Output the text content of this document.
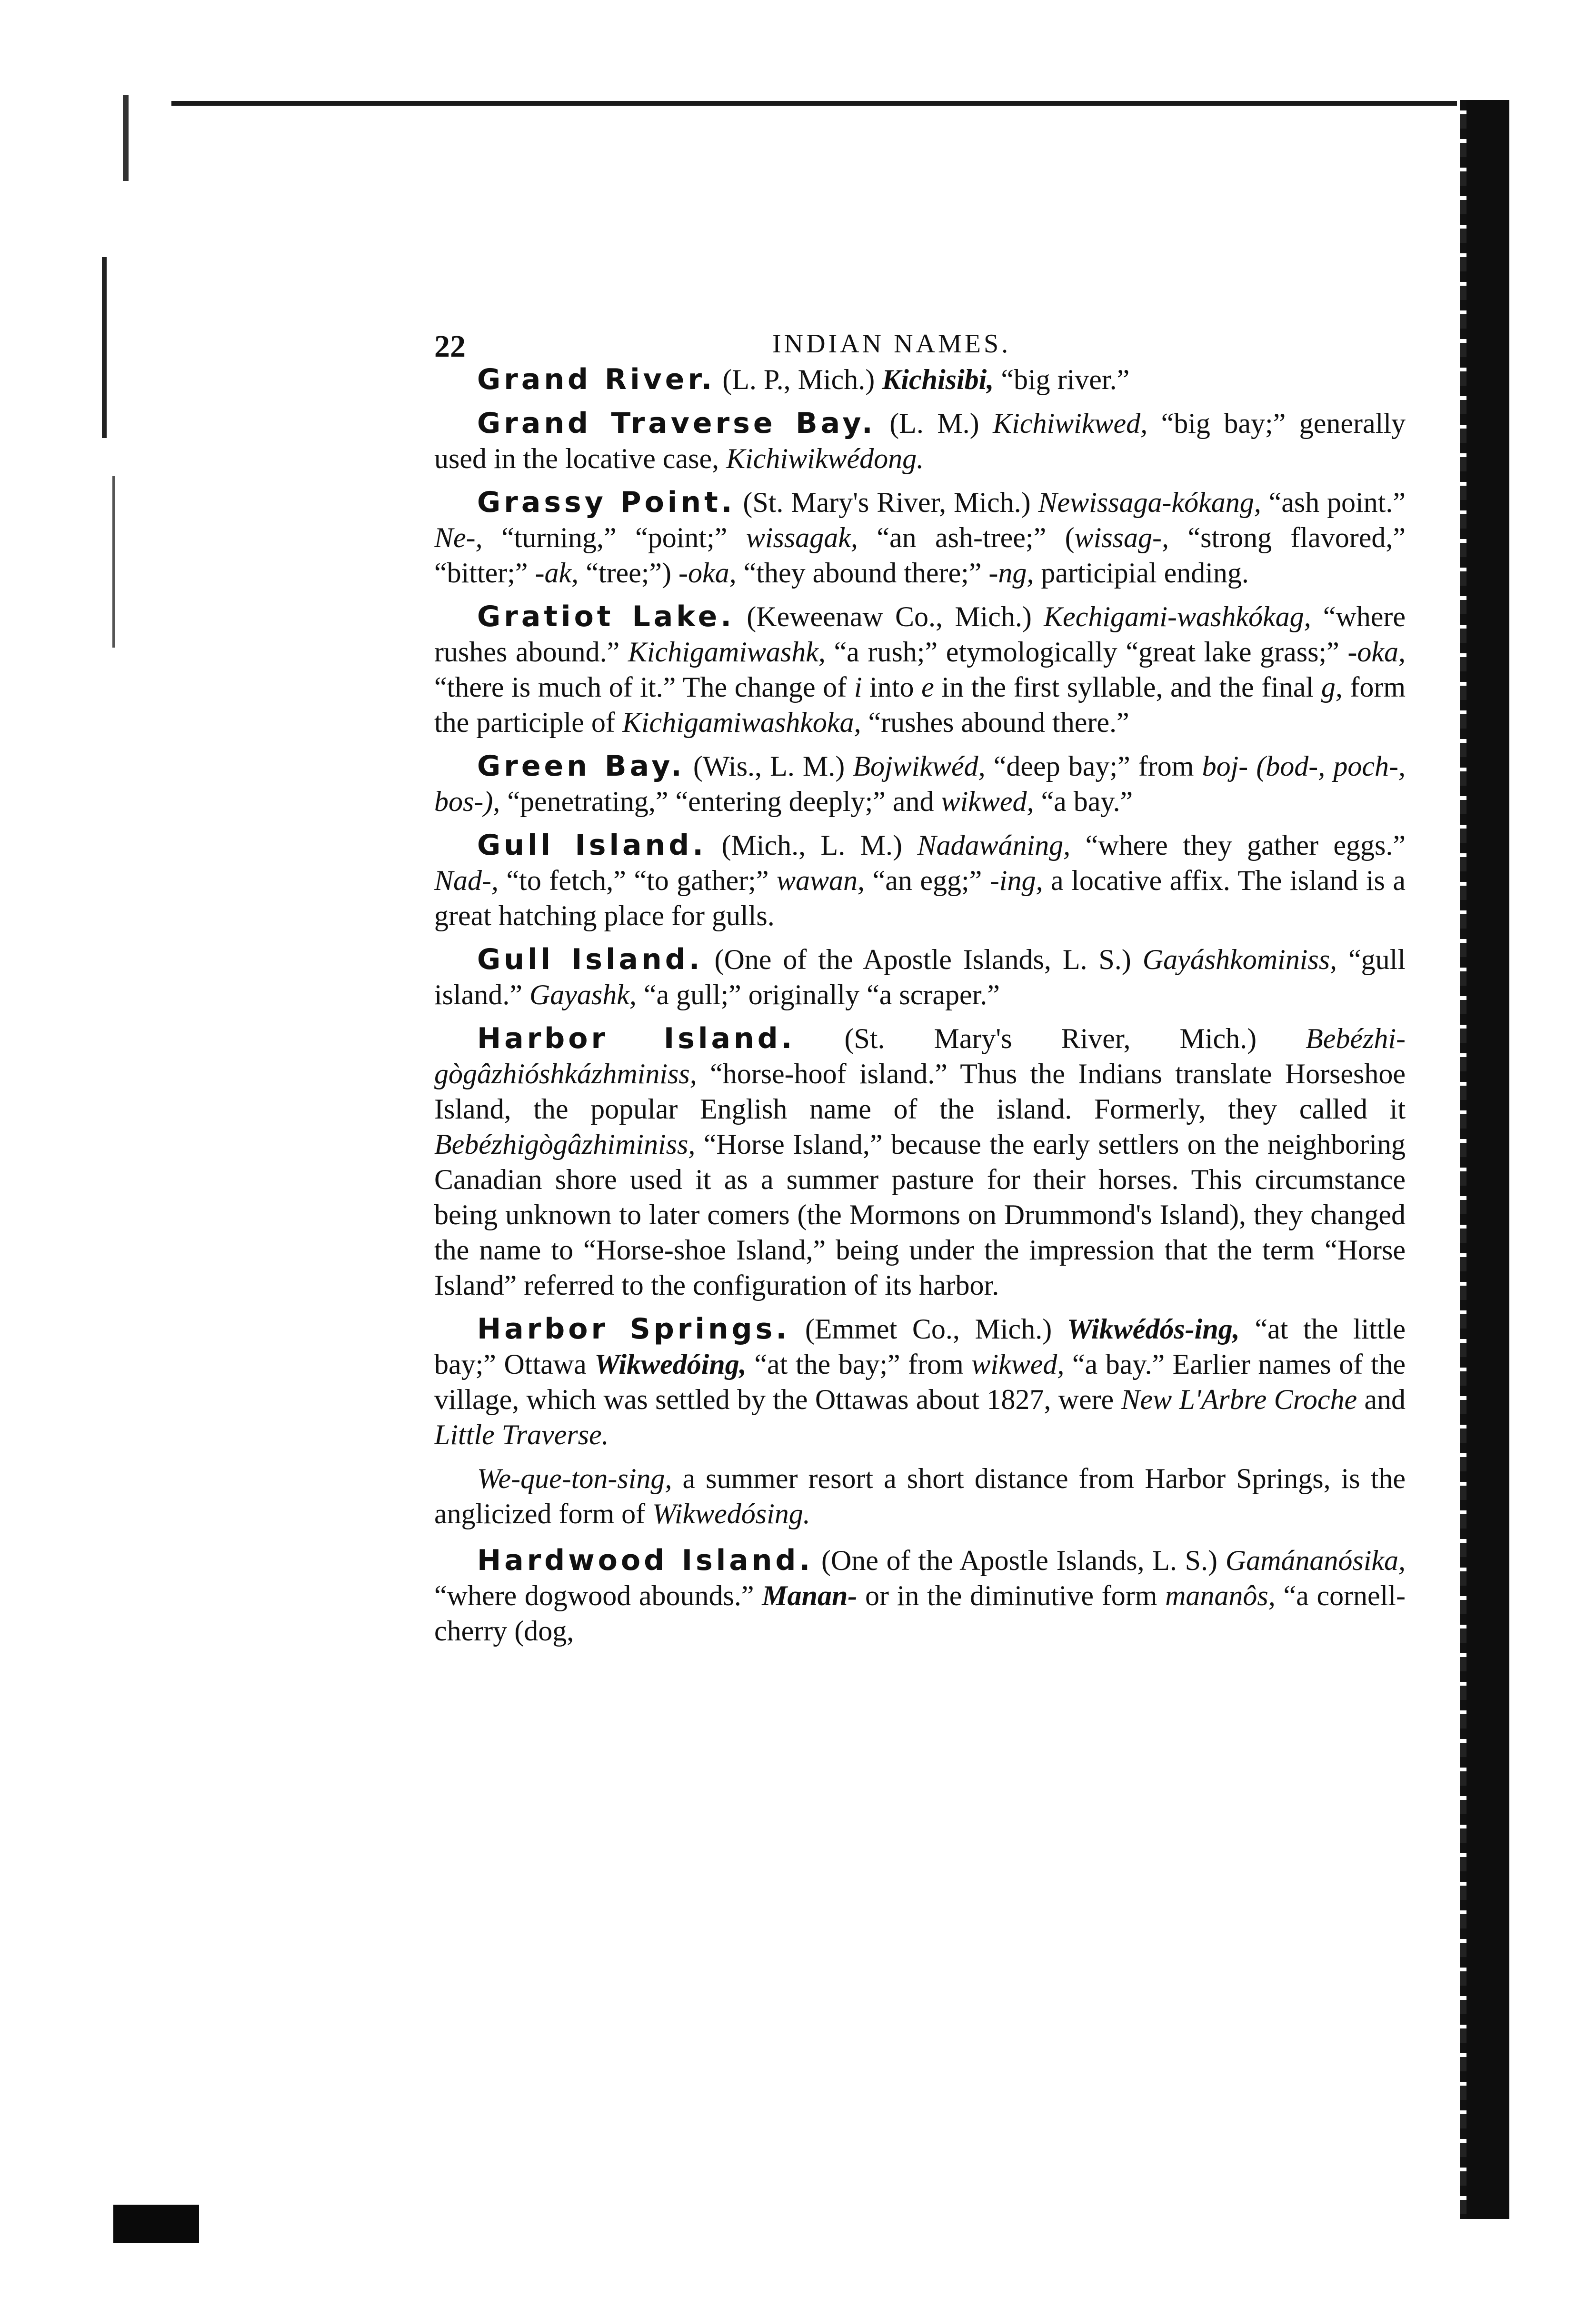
22	INDIAN NAMES.
Grand River. (L. P., Mich.) Kichisibi, “big river.”
Grand Traverse Bay. (L. M.) Kichiwikwed, “big bay;” generally used in the locative case, Kichiwikwédong.
Grassy Point. (St. Mary's River, Mich.) Newissaga-kókang, “ash point.” Ne-, “turning,” “point;” wissagak, “an ash-tree;” (wissag-, “strong flavored,” “bitter;” -ak, “tree;”) -oka, “they abound there;” -ng, participial ending.
Gratiot Lake. (Keweenaw Co., Mich.) Kechigami-washkókag, “where rushes abound.” Kichigamiwashk, “a rush;” etymologically “great lake grass;” -oka, “there is much of it.” The change of i into e in the first syllable, and the final g, form the participle of Kichigamiwashkoka, “rushes abound there.”
Green Bay. (Wis., L. M.) Bojwikwéd, “deep bay;” from boj- (bod-, poch-, bos-), “penetrating,” “entering deeply;” and wikwed, “a bay.”
Gull Island. (Mich., L. M.) Nadawáning, “where they gather eggs.” Nad-, “to fetch,” “to gather;” wawan, “an egg;” -ing, a locative affix. The island is a great hatching place for gulls.
Gull Island. (One of the Apostle Islands, L. S.) Gayáshkominiss, “gull island.” Gayashk, “a gull;” originally “a scraper.”
Harbor Island. (St. Mary's River, Mich.) Bebézhi-gògâzhióshkázhminiss, “horse-hoof island.” Thus the Indians translate Horseshoe Island, the popular English name of the island. Formerly, they called it Bebézhigògâzhiminiss, “Horse Island,” because the early settlers on the neighboring Canadian shore used it as a summer pasture for their horses. This circumstance being unknown to later comers (the Mormons on Drummond's Island), they changed the name to “Horse-shoe Island,” being under the impression that the term “Horse Island” referred to the configuration of its harbor.
Harbor Springs. (Emmet Co., Mich.) Wikwédós-ing, “at the little bay;” Ottawa Wikwedóing, “at the bay;” from wikwed, “a bay.” Earlier names of the village, which was settled by the Ottawas about 1827, were New L'Arbre Croche and Little Traverse.
We-que-ton-sing, a summer resort a short distance from Harbor Springs, is the anglicized form of Wikwedósing.
Hardwood Island. (One of the Apostle Islands, L. S.) Gamánanósika, “where dogwood abounds.” Manan- or in the diminutive form mananôs, “a cornell-cherry (dog,
